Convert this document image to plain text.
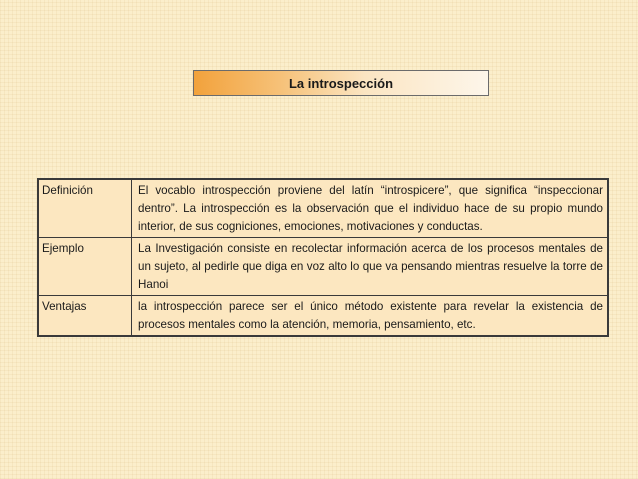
La introspección
Definición	El vocablo introspección proviene del latín “introspicere”, que significa “inspeccionar dentro”. La introspección es la observación que el individuo hace de su propio mundo interior, de sus cogniciones, emociones, motivaciones y conductas.
Ejemplo	La Investigación consiste en recolectar información acerca de los procesos mentales de un sujeto, al pedirle que diga en voz alto lo que va pensando mientras resuelve la torre de Hanoi
Ventajas	la introspección parece ser el único método existente para revelar la existencia de procesos mentales como la atención, memoria, pensamiento, etc.
